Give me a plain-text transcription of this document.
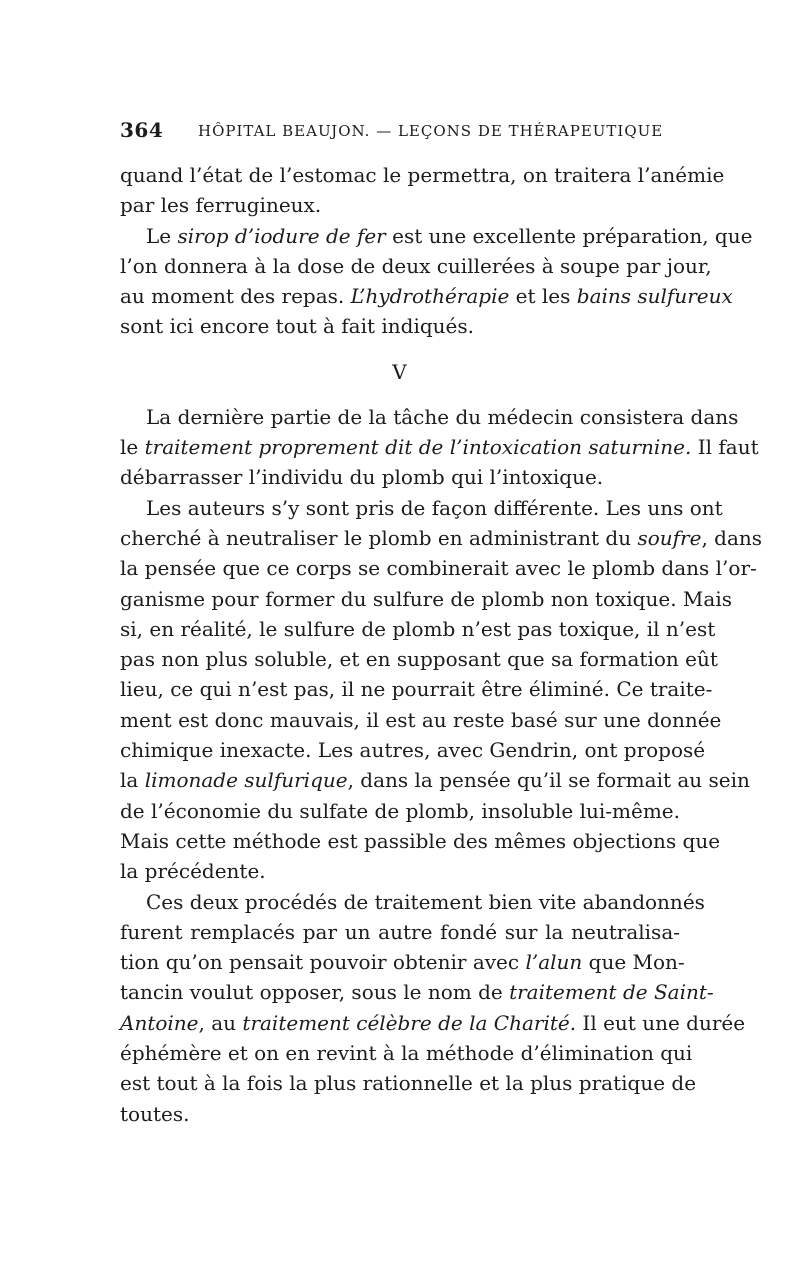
364 HÔPITAL BEAUJON. — LEÇONS DE THÉRAPEUTIQUE

quand l’état de l’estomac le permettra, on traitera l’anémie
par les ferrugineux.

Le sirop d’iodure de fer est une excellente préparation, que
l’on donnera à la dose de deux cuillerées à soupe par jour,
au moment des repas. L’hydrothérapie et les bains sulfureux
sont ici encore tout à fait indiqués.

V

La dernière partie de la tâche du médecin consistera dans
le traitement proprement dit de l’intoxication saturnine. Il faut
débarrasser l’individu du plomb qui l’intoxique.

Les auteurs s’y sont pris de façon différente. Les uns ont
cherché à neutraliser le plomb en administrant du soufre, dans
la pensée que ce corps se combinerait avec le plomb dans l’or-
ganisme pour former du sulfure de plomb non toxique. Mais
si, en réalité, le sulfure de plomb n’est pas toxique, il n’est
pas non plus soluble, et en supposant que sa formation eût
lieu, ce qui n’est pas, il ne pourrait être éliminé. Ce traite-
ment est donc mauvais, il est au reste basé sur une donnée
chimique inexacte. Les autres, avec Gendrin, ont proposé
la limonade sulfurique, dans la pensée qu’il se formait au sein
de l’économie du sulfate de plomb, insoluble lui-même.
Mais cette méthode est passible des mêmes objections que
la précédente.

Ces deux procédés de traitement bien vite abandonnés
furent remplacés par un autre fondé sur la neutralisa-
tion qu’on pensait pouvoir obtenir avec l’alun que Mon-
tancin voulut opposer, sous le nom de traitement de Saint-
Antoine, au traitement célèbre de la Charité. Il eut une durée
éphémère et on en revint à la méthode d’élimination qui
est tout à la fois la plus rationnelle et la plus pratique de
toutes.
